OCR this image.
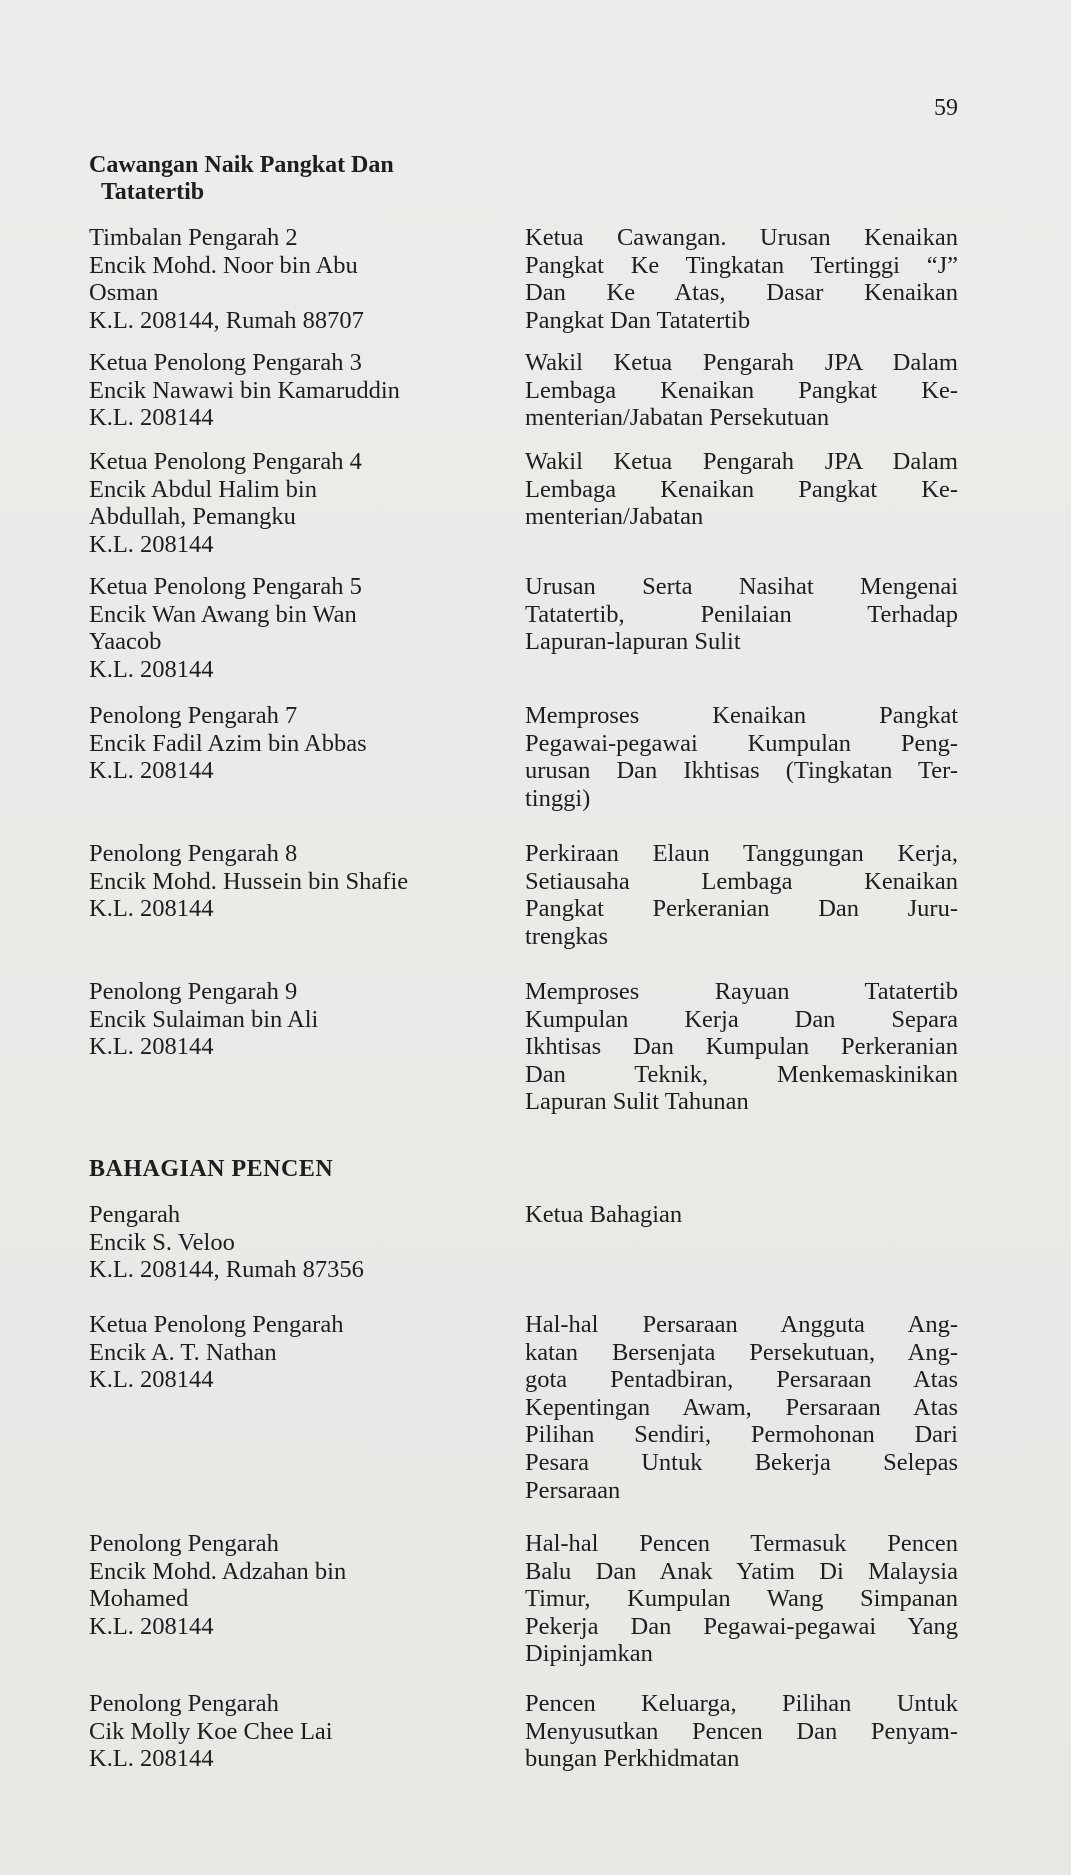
59
Cawangan Naik Pangkat Dan
Tatatertib
Timbalan Pengarah 2
Encik Mohd. Noor bin Abu
Osman
K.L. 208144, Rumah 88707
Ketua Cawangan. Urusan Kenaikan
Pangkat Ke Tingkatan Tertinggi “J”
Dan Ke Atas, Dasar Kenaikan
Pangkat Dan Tatatertib
Ketua Penolong Pengarah 3
Encik Nawawi bin Kamaruddin
K.L. 208144
Wakil Ketua Pengarah JPA Dalam
Lembaga Kenaikan Pangkat Ke-
menterian/Jabatan Persekutuan
Ketua Penolong Pengarah 4
Encik Abdul Halim bin
Abdullah, Pemangku
K.L. 208144
Wakil Ketua Pengarah JPA Dalam
Lembaga Kenaikan Pangkat Ke-
menterian/Jabatan
Ketua Penolong Pengarah 5
Encik Wan Awang bin Wan
Yaacob
K.L. 208144
Urusan Serta Nasihat Mengenai
Tatatertib, Penilaian Terhadap
Lapuran-lapuran Sulit
Penolong Pengarah 7
Encik Fadil Azim bin Abbas
K.L. 208144
Memproses Kenaikan Pangkat
Pegawai-pegawai Kumpulan Peng-
urusan Dan Ikhtisas (Tingkatan Ter-
tinggi)
Penolong Pengarah 8
Encik Mohd. Hussein bin Shafie
K.L. 208144
Perkiraan Elaun Tanggungan Kerja,
Setiausaha Lembaga Kenaikan
Pangkat Perkeranian Dan Juru-
trengkas
Penolong Pengarah 9
Encik Sulaiman bin Ali
K.L. 208144
Memproses Rayuan Tatatertib
Kumpulan Kerja Dan Separa
Ikhtisas Dan Kumpulan Perkeranian
Dan Teknik, Menkemaskinikan
Lapuran Sulit Tahunan
BAHAGIAN PENCEN
Pengarah
Encik S. Veloo
K.L. 208144, Rumah 87356
Ketua Bahagian
Ketua Penolong Pengarah
Encik A. T. Nathan
K.L. 208144
Hal-hal Persaraan Angguta Ang-
katan Bersenjata Persekutuan, Ang-
gota Pentadbiran, Persaraan Atas
Kepentingan Awam, Persaraan Atas
Pilihan Sendiri, Permohonan Dari
Pesara Untuk Bekerja Selepas
Persaraan
Penolong Pengarah
Encik Mohd. Adzahan bin
Mohamed
K.L. 208144
Hal-hal Pencen Termasuk Pencen
Balu Dan Anak Yatim Di Malaysia
Timur, Kumpulan Wang Simpanan
Pekerja Dan Pegawai-pegawai Yang
Dipinjamkan
Penolong Pengarah
Cik Molly Koe Chee Lai
K.L. 208144
Pencen Keluarga, Pilihan Untuk
Menyusutkan Pencen Dan Penyam-
bungan Perkhidmatan
